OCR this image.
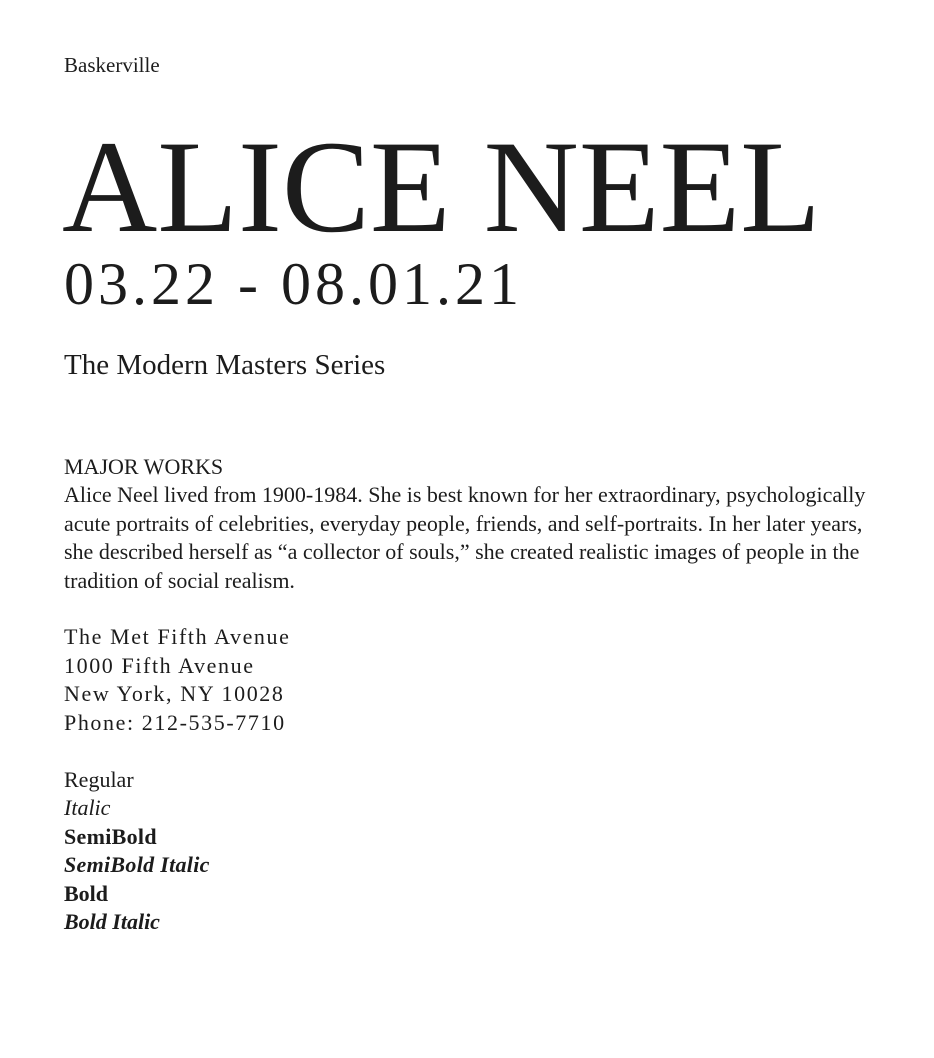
Baskerville
ALICE NEEL
03.22 - 08.01.21
The Modern Masters Series
MAJOR WORKS

Alice Neel lived from 1900-1984. She is best known for her extraordinary, psychologically acute portraits of celebrities, everyday people, friends, and self-portraits. In her later years, she described herself as “a collector of souls,” she created realistic images of people in the tradition of social realism.

The Met Fifth Avenue
1000 Fifth Avenue
New York, NY 10028
Phone: 212-535-7710
Regular
Italic
SemiBold
SemiBold Italic
Bold
Bold Italic
